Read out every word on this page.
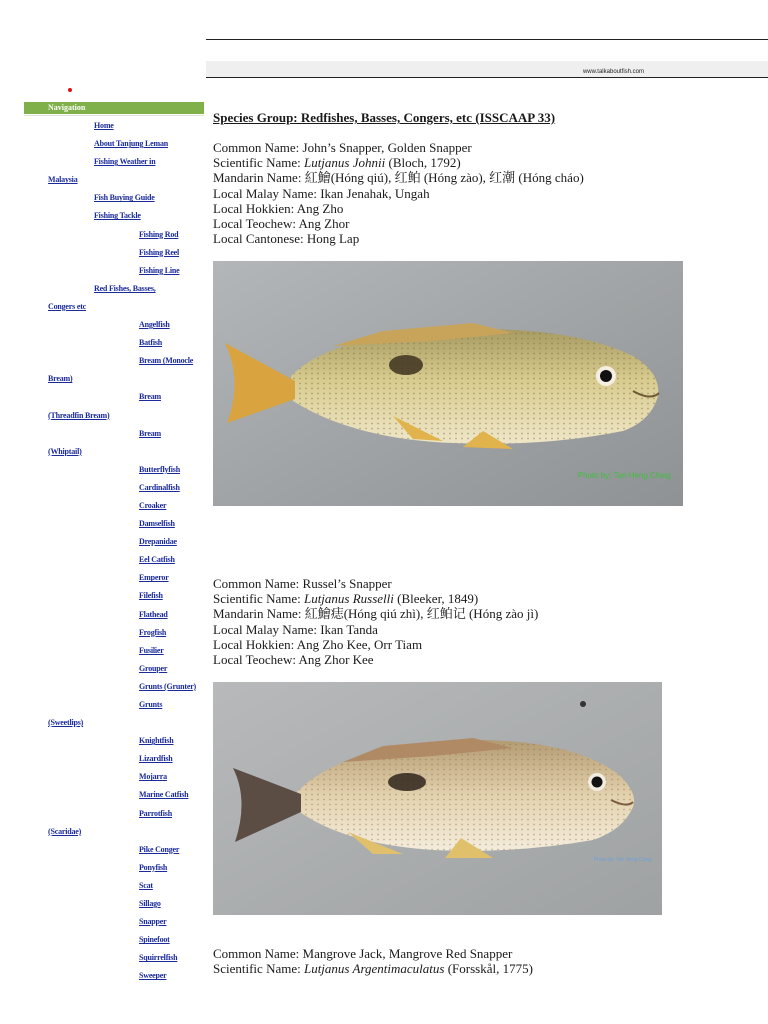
www.talkaboutfish.com
Navigation
Home
About Tanjung Leman
Fishing Weather in
Malaysia
Fish Buying Guide
Fishing Tackle
Fishing Rod
Fishing Reel
Fishing Line
Red Fishes, Basses,
Congers etc
Angelfish
Batfish
Bream (Monocle
Bream)
Bream
(Threadfin Bream)
Bream
(Whiptail)
Butterflyfish
Cardinalfish
Croaker
Damselfish
Drepanidae
Eel Catfish
Emperor
Filefish
Flathead
Frogfish
Fusilier
Grouper
Grunts (Grunter)
Grunts
(Sweetlips)
Knightfish
Lizardfish
Mojarra
Marine Catfish
Parrotfish
(Scaridae)
Pike Conger
Ponyfish
Scat
Sillago
Snapper
Spinefoot
Squirrelfish
Sweeper
Species Group: Redfishes, Basses, Congers, etc (ISSCAAP 33)
Common Name: John’s Snapper, Golden Snapper
Scientific Name: Lutjanus Johnii (Bloch, 1792)
Mandarin Name: 紅鱠(Hóng qiú), 红鲌 (Hóng zào), 红潮 (Hóng cháo)
Local Malay Name: Ikan Jenahak, Ungah
Local Hokkien: Ang Zho
Local Teochew: Ang Zhor
Local Cantonese: Hong Lap
Photo by: Tan Heng Ching
Common Name: Russel’s Snapper
Scientific Name: Lutjanus Russelli (Bleeker, 1849)
Mandarin Name: 紅鱠痣(Hóng qiú zhì), 红鲌记 (Hóng zào jì)
Local Malay Name: Ikan Tanda
Local Hokkien: Ang Zho Kee, Orr Tiam
Local Teochew: Ang Zhor Kee
Photo by: Tan Heng Ching
Common Name: Mangrove Jack, Mangrove Red Snapper
Scientific Name: Lutjanus Argentimaculatus (Forsskål, 1775)
